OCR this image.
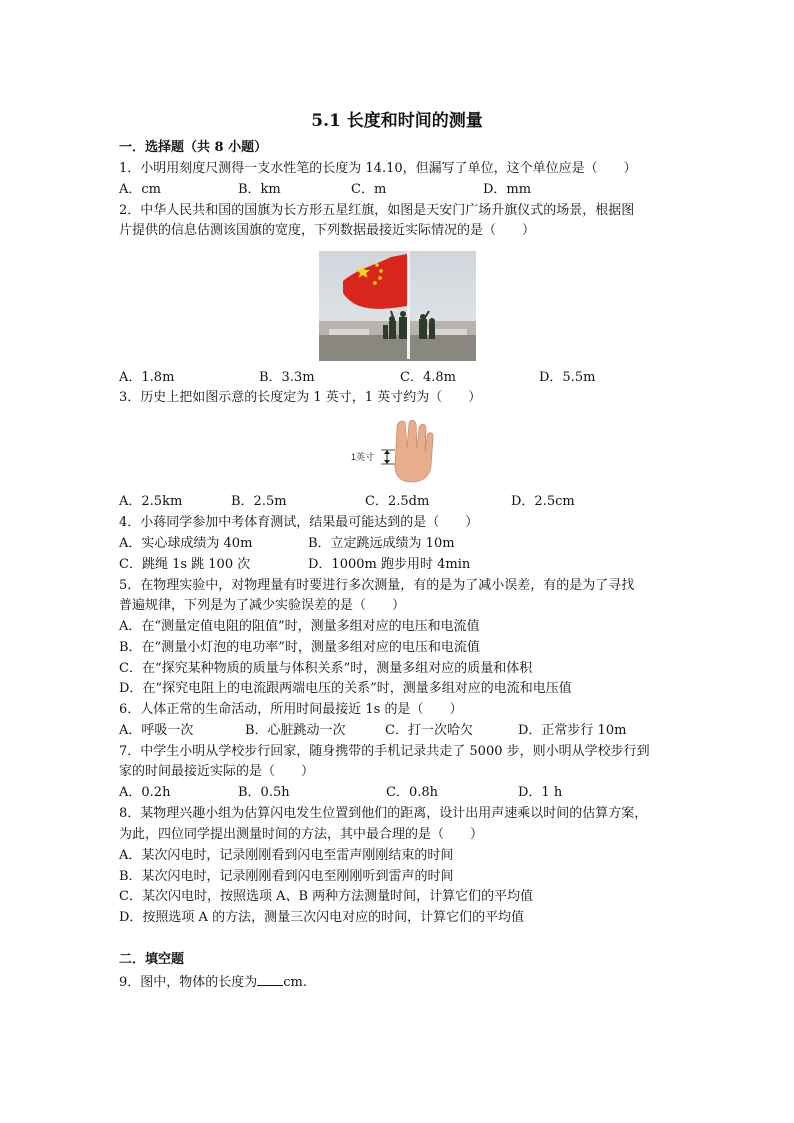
5.1 长度和时间的测量
一．选择题（共 8 小题）
1．小明用刻度尺测得一支水性笔的长度为 14.10，但漏写了单位，这个单位应是（　　）
A．cm	B．km	C．m	D．mm
2．中华人民共和国的国旗为长方形五星红旗，如图是天安门广场升旗仪式的场景，根据图
片提供的信息估测该国旗的宽度，下列数据最接近实际情况的是（　　）
A．1.8m	B．3.3m	C．4.8m	D．5.5m
3．历史上把如图示意的长度定为 1 英寸，1 英寸约为（　　）
1英寸
A．2.5km	B．2.5m	C．2.5dm	D．2.5cm
4．小蒋同学参加中考体育测试，结果最可能达到的是（　　）
A．实心球成绩为 40m	B．立定跳远成绩为 10m
C．跳绳 1s 跳 100 次	D．1000m 跑步用时 4min
5．在物理实验中，对物理量有时要进行多次测量，有的是为了减小误差，有的是为了寻找
普遍规律，下列是为了减少实验误差的是（　　）
A．在“测量定值电阻的阻值”时，测量多组对应的电压和电流值
B．在“测量小灯泡的电功率”时，测量多组对应的电压和电流值
C．在“探究某种物质的质量与体积关系”时，测量多组对应的质量和体积
D．在“探究电阻上的电流跟两端电压的关系”时，测量多组对应的电流和电压值
6．人体正常的生命活动，所用时间最接近 1s 的是（　　）
A．呼吸一次	B．心脏跳动一次	C．打一次哈欠	D．正常步行 10m
7．中学生小明从学校步行回家，随身携带的手机记录共走了 5000 步，则小明从学校步行到
家的时间最接近实际的是（　　）
A．0.2h	B．0.5h	C．0.8h	D．1 h
8．某物理兴趣小组为估算闪电发生位置到他们的距离，设计出用声速乘以时间的估算方案，
为此，四位同学提出测量时间的方法，其中最合理的是（　　）
A．某次闪电时，记录刚刚看到闪电至雷声刚刚结束的时间
B．某次闪电时，记录刚刚看到闪电至刚刚听到雷声的时间
C．某次闪电时，按照选项 A、B 两种方法测量时间，计算它们的平均值
D．按照选项 A 的方法，测量三次闪电对应的时间，计算它们的平均值
二．填空题
9．图中，物体的长度为 cm.
